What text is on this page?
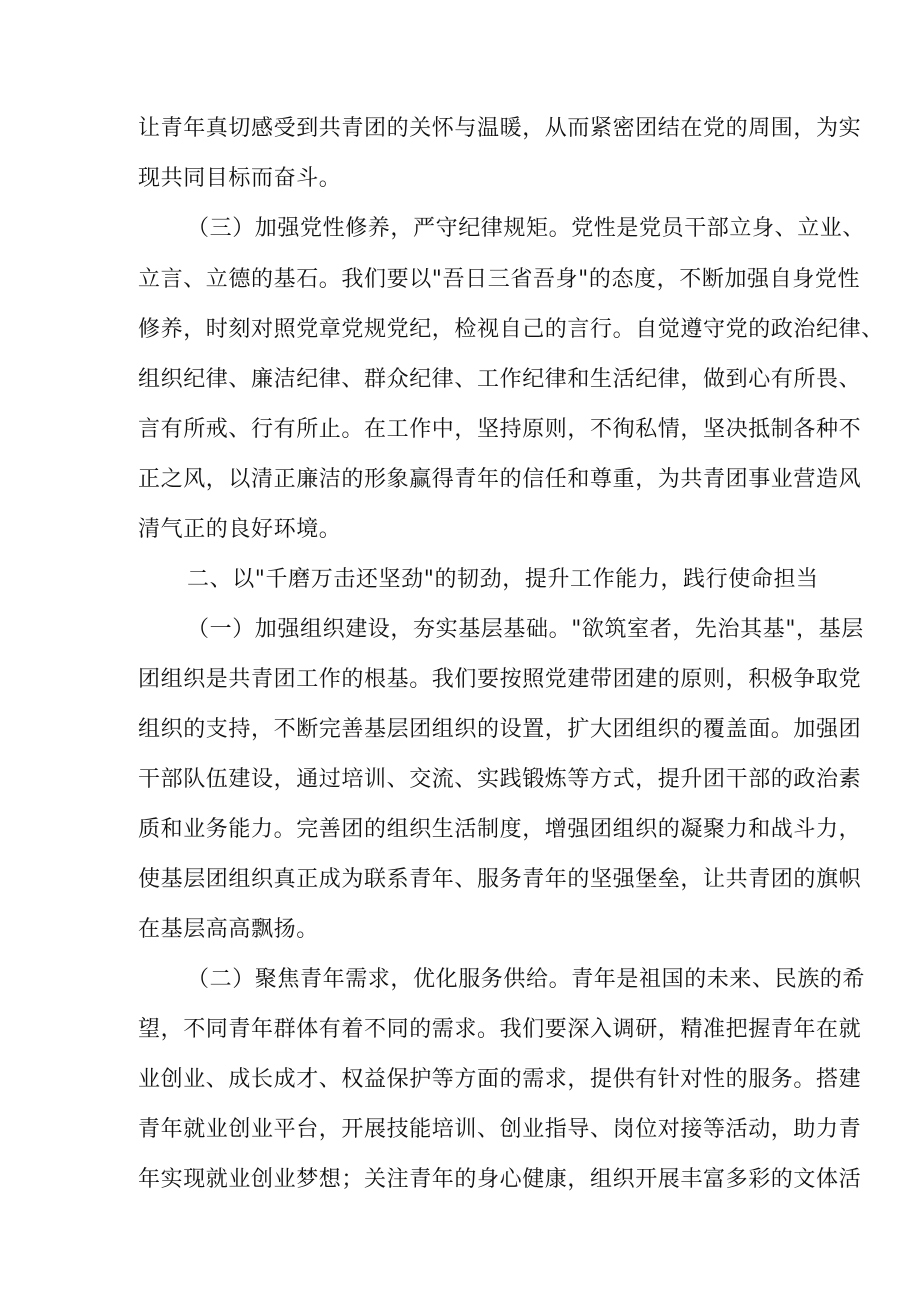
让青年真切感受到共青团的关怀与温暖，从而紧密团结在党的周围，为实
现共同目标而奋斗。
（三）加强党性修养，严守纪律规矩。党性是党员干部立身、立业、
立言、立德的基石。我们要以"吾日三省吾身"的态度，不断加强自身党性
修养，时刻对照党章党规党纪，检视自己的言行。自觉遵守党的政治纪律、
组织纪律、廉洁纪律、群众纪律、工作纪律和生活纪律，做到心有所畏、
言有所戒、行有所止。在工作中，坚持原则，不徇私情，坚决抵制各种不
正之风，以清正廉洁的形象赢得青年的信任和尊重，为共青团事业营造风
清气正的良好环境。
二、以"千磨万击还坚劲"的韧劲，提升工作能力，践行使命担当
（一）加强组织建设，夯实基层基础。"欲筑室者，先治其基"，基层
团组织是共青团工作的根基。我们要按照党建带团建的原则，积极争取党
组织的支持，不断完善基层团组织的设置，扩大团组织的覆盖面。加强团
干部队伍建设，通过培训、交流、实践锻炼等方式，提升团干部的政治素
质和业务能力。完善团的组织生活制度，增强团组织的凝聚力和战斗力，
使基层团组织真正成为联系青年、服务青年的坚强堡垒，让共青团的旗帜
在基层高高飘扬。
（二）聚焦青年需求，优化服务供给。青年是祖国的未来、民族的希
望，不同青年群体有着不同的需求。我们要深入调研，精准把握青年在就
业创业、成长成才、权益保护等方面的需求，提供有针对性的服务。搭建
青年就业创业平台，开展技能培训、创业指导、岗位对接等活动，助力青
年实现就业创业梦想；关注青年的身心健康，组织开展丰富多彩的文体活
